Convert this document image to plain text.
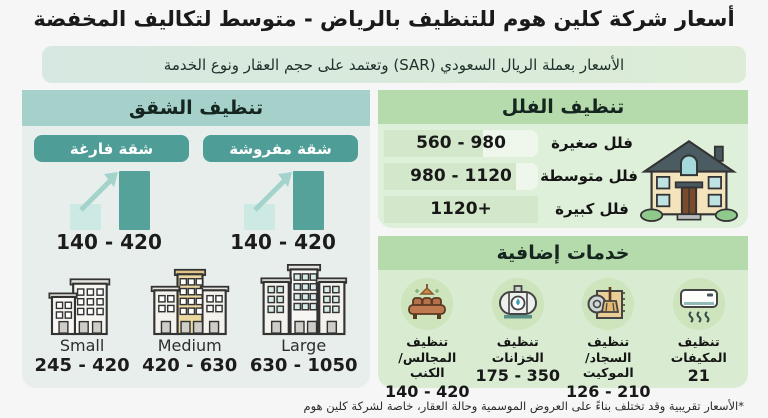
أسعار شركة كلين هوم للتنظيف بالرياض - متوسط لتكاليف المخفضة
الأسعار بعملة الريال السعودي (SAR) وتعتمد على حجم العقار ونوع الخدمة
تنظيف الشقق
شقة مفروشة
شقة فارغة
140 - 420
140 - 420
Small
245 - 420
Medium
420 - 630
Large
630 - 1050
تنظيف الفلل
فلل صغيرة
560 - 980
فلل متوسطة
980 - 1120
فلل كبيرة
1120+
خدمات إضافية
تنظيف المكيفات
21
تنظيف السجاد/ الموكيت
126 - 210
تنظيف الخزانات
175 - 350
تنظيف المجالس/ الكنب
140 - 420
*الأسعار تقريبية وقد تختلف بناءً على العروض الموسمية وحالة العقار، خاصة لشركة كلين هوم
